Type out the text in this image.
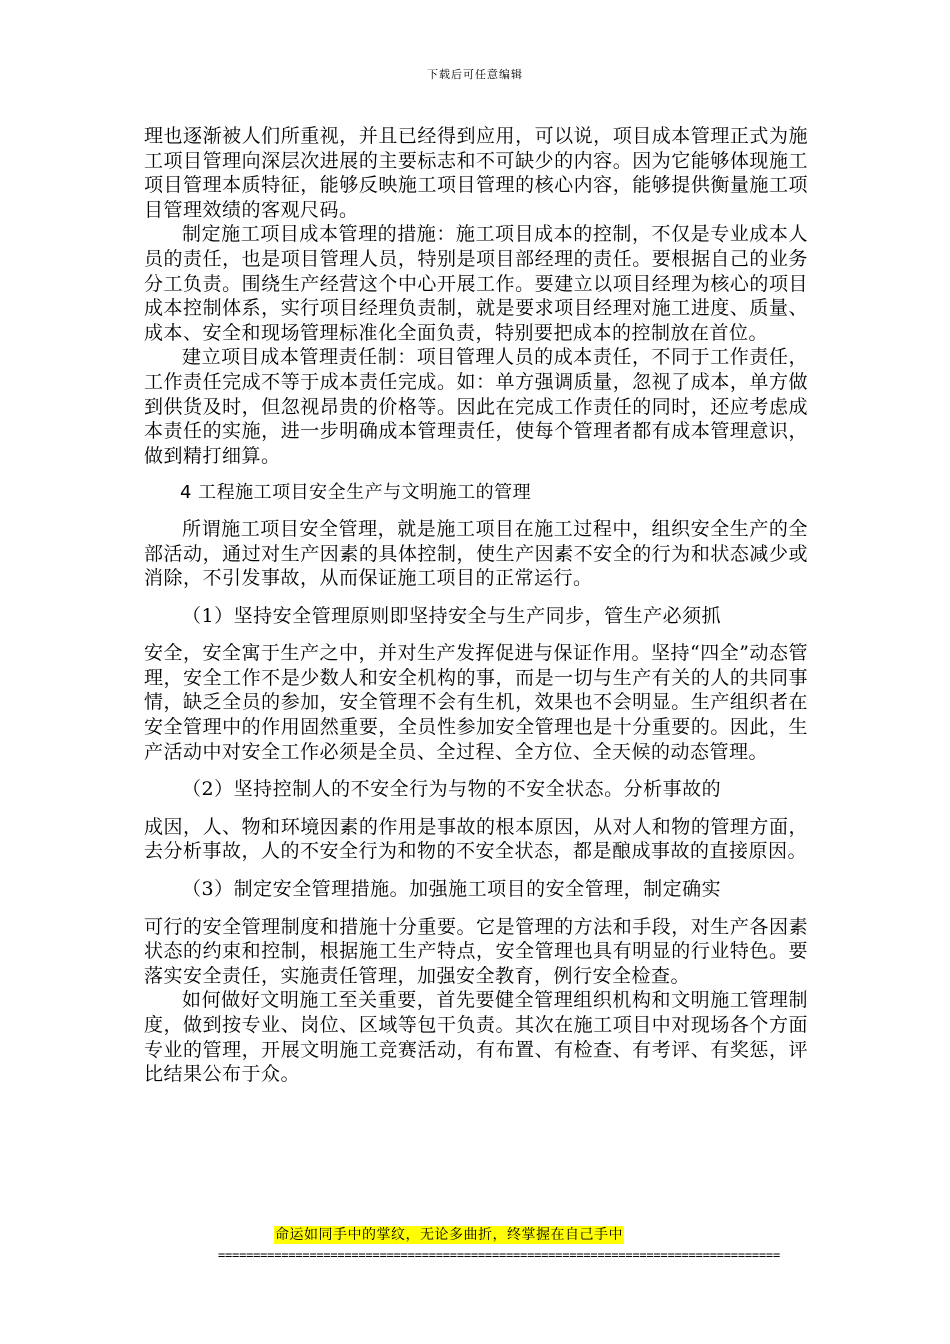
下载后可任意编辑

理也逐渐被人们所重视，并且已经得到应用，可以说，项目成本管理正式为施工项目管理向深层次进展的主要标志和不可缺少的内容。因为它能够体现施工项目管理本质特征，能够反映施工项目管理的核心内容，能够提供衡量施工项目管理效绩的客观尺码。

制定施工项目成本管理的措施：施工项目成本的控制，不仅是专业成本人员的责任，也是项目管理人员，特别是项目部经理的责任。要根据自己的业务分工负责。围绕生产经营这个中心开展工作。要建立以项目经理为核心的项目成本控制体系，实行项目经理负责制，就是要求项目经理对施工进度、质量、成本、安全和现场管理标准化全面负责，特别要把成本的控制放在首位。

建立项目成本管理责任制：项目管理人员的成本责任，不同于工作责任，工作责任完成不等于成本责任完成。如：单方强调质量，忽视了成本，单方做到供货及时，但忽视昂贵的价格等。因此在完成工作责任的同时，还应考虑成本责任的实施，进一步明确成本管理责任，使每个管理者都有成本管理意识，做到精打细算。

4 工程施工项目安全生产与文明施工的管理

所谓施工项目安全管理，就是施工项目在施工过程中，组织安全生产的全部活动，通过对生产因素的具体控制，使生产因素不安全的行为和状态减少或消除，不引发事故，从而保证施工项目的正常运行。

（1）坚持安全管理原则即坚持安全与生产同步，管生产必须抓

安全，安全寓于生产之中，并对生产发挥促进与保证作用。坚持“四全”动态管理，安全工作不是少数人和安全机构的事，而是一切与生产有关的人的共同事情，缺乏全员的参加，安全管理不会有生机，效果也不会明显。生产组织者在安全管理中的作用固然重要，全员性参加安全管理也是十分重要的。因此，生产活动中对安全工作必须是全员、全过程、全方位、全天候的动态管理。

（2）坚持控制人的不安全行为与物的不安全状态。分析事故的

成因，人、物和环境因素的作用是事故的根本原因，从对人和物的管理方面，去分析事故，人的不安全行为和物的不安全状态，都是酿成事故的直接原因。

（3）制定安全管理措施。加强施工项目的安全管理，制定确实

可行的安全管理制度和措施十分重要。它是管理的方法和手段，对生产各因素状态的约束和控制，根据施工生产特点，安全管理也具有明显的行业特色。要落实安全责任，实施责任管理，加强安全教育，例行安全检查。

如何做好文明施工至关重要，首先要健全管理组织机构和文明施工管理制度，做到按专业、岗位、区域等包干负责。其次在施工项目中对现场各个方面专业的管理，开展文明施工竞赛活动，有布置、有检查、有考评、有奖惩，评比结果公布于众。

命运如同手中的掌纹，无论多曲折，终掌握在自己手中
================================================================================
